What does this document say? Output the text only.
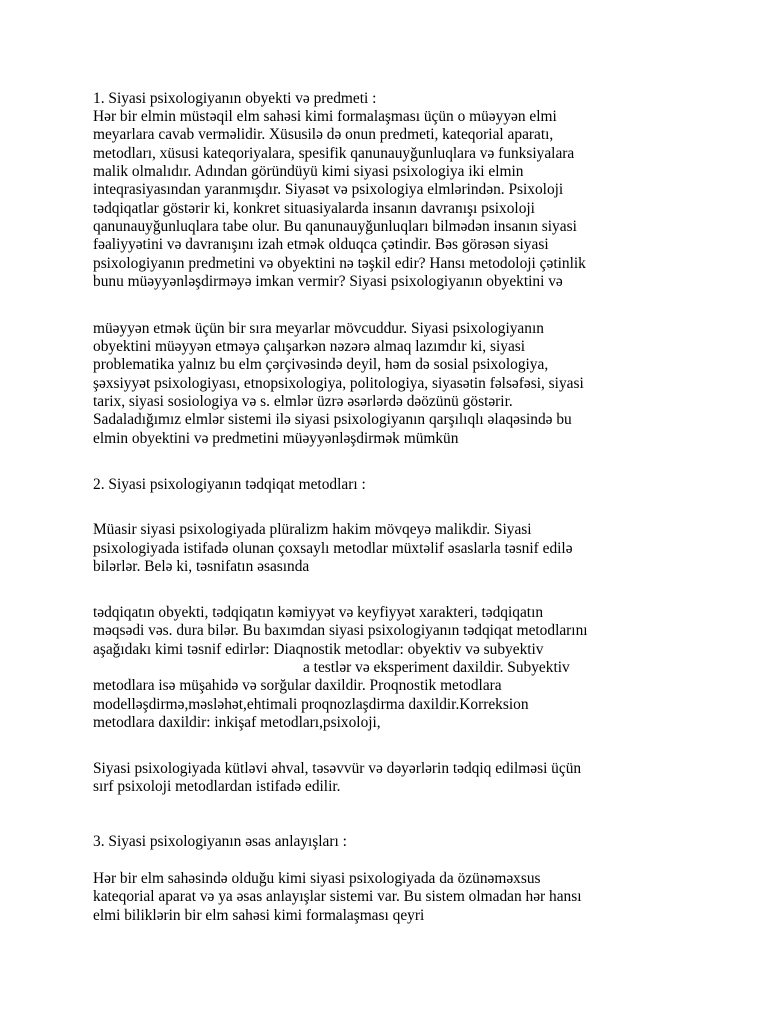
1. Siyasi psixologiyanın obyekti və predmeti :
Hər bir elmin müstəqil elm sahəsi kimi formalaşması üçün o müəyyən elmi
meyarlara cavab verməlidir. Xüsusilə də onun predmeti, kateqorial aparatı,
metodları, xüsusi kateqoriyalara, spesifik qanunauyğunluqlara və funksiyalara
malik olmalıdır. Adından göründüyü kimi siyasi psixologiya iki elmin
inteqrasiyasından yaranmışdır. Siyasət və psixologiya elmlərindən. Psixoloji
tədqiqatlar göstərir ki, konkret situasiyalarda insanın davranışı psixoloji
qanunauyğunluqlara tabe olur. Bu qanunauyğunluqları bilmədən insanın siyasi
fəaliyyətini və davranışını izah etmək olduqca çətindir. Bəs görəsən siyasi
psixologiyanın predmetini və obyektini nə təşkil edir? Hansı metodoloji çətinlik
bunu müəyyənləşdirməyə imkan vermir? Siyasi psixologiyanın obyektini və
müəyyən etmək üçün bir sıra meyarlar mövcuddur. Siyasi psixologiyanın
obyektini müəyyən etməyə çalışarkən nəzərə almaq lazımdır ki, siyasi
problematika yalnız bu elm çərçivəsində deyil, həm də sosial psixologiya,
şəxsiyyət psixologiyası, etnopsixologiya, politologiya, siyasətin fəlsəfəsi, siyasi
tarix, siyasi sosiologiya və s. elmlər üzrə əsərlərdə dəözünü göstərir.
Sadaladığımız elmlər sistemi ilə siyasi psixologiyanın qarşılıqlı əlaqəsində bu
elmin obyektini və predmetini müəyyənləşdirmək mümkün
2. Siyasi psixologiyanın tədqiqat metodları :
Müasir siyasi psixologiyada plüralizm hakim mövqeyə malikdir. Siyasi
psixologiyada istifadə olunan çoxsaylı metodlar müxtəlif əsaslarla təsnif edilə
bilərlər. Belə ki, təsnifatın əsasında
tədqiqatın obyekti, tədqiqatın kəmiyyət və keyfiyyət xarakteri, tədqiqatın
məqsədi vəs. dura bilər. Bu baxımdan siyasi psixologiyanın tədqiqat metodlarını
aşağıdakı kimi təsnif edirlər: Diaqnostik metodlar: obyektiv və subyektiv
a testlər və eksperiment daxildir. Subyektiv
metodlara isə müşahidə və sorğular daxildir. Proqnostik metodlara
modelləşdirmə,məsləhət,ehtimali proqnozlaşdirma daxildir.Korreksion
metodlara daxildir: inkişaf metodları,psixoloji,
Siyasi psixologiyada kütləvi əhval, təsəvvür və dəyərlərin tədqiq edilməsi üçün
sırf psixoloji metodlardan istifadə edilir.
3. Siyasi psixologiyanın əsas anlayışları :
Hər bir elm sahəsində olduğu kimi siyasi psixologiyada da özünəməxsus
kateqorial aparat və ya əsas anlayışlar sistemi var. Bu sistem olmadan hər hansı
elmi biliklərin bir elm sahəsi kimi formalaşması qeyri
